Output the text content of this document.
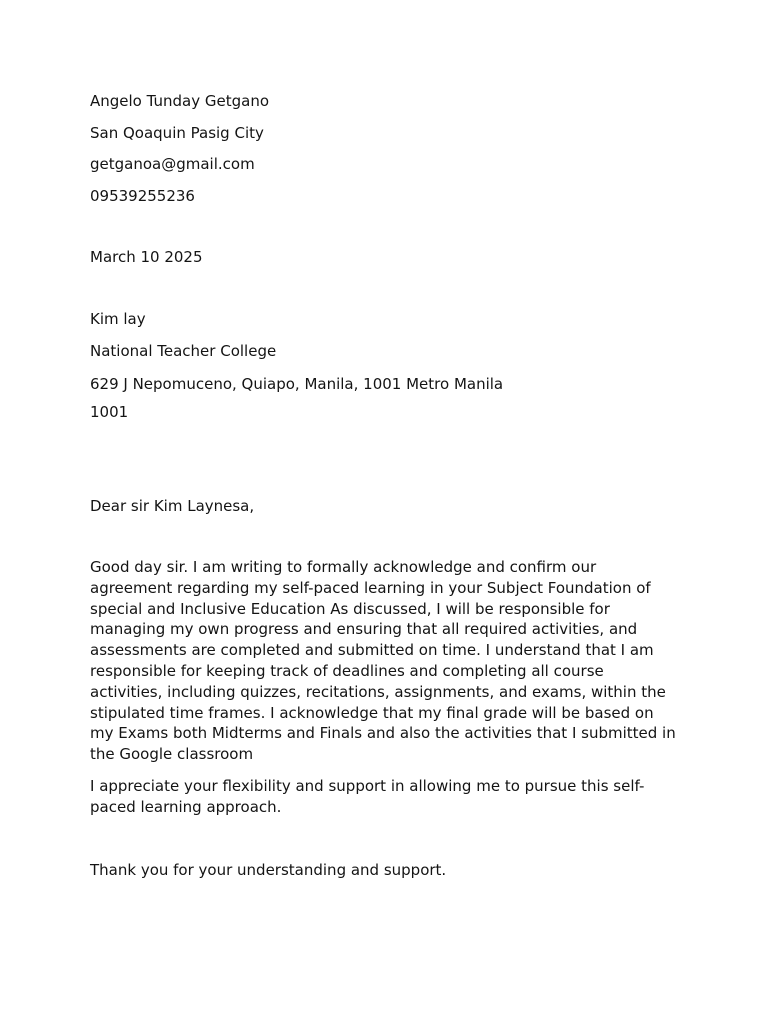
Angelo Tunday Getgano

San Qoaquin Pasig City

getganoa@gmail.com

09539255236

March 10 2025

Kim lay

National Teacher College

629 J Nepomuceno, Quiapo, Manila, 1001 Metro Manila

1001

Dear sir Kim Laynesa,

Good day sir. I am writing to formally acknowledge and confirm our agreement regarding my self-paced learning in your Subject Foundation of special and Inclusive Education As discussed, I will be responsible for managing my own progress and ensuring that all required activities, and assessments are completed and submitted on time. I understand that I am responsible for keeping track of deadlines and completing all course activities, including quizzes, recitations, assignments, and exams, within the stipulated time frames. I acknowledge that my final grade will be based on my Exams both Midterms and Finals and also the activities that I submitted in the Google classroom

I appreciate your flexibility and support in allowing me to pursue this self-paced learning approach.

Thank you for your understanding and support.
